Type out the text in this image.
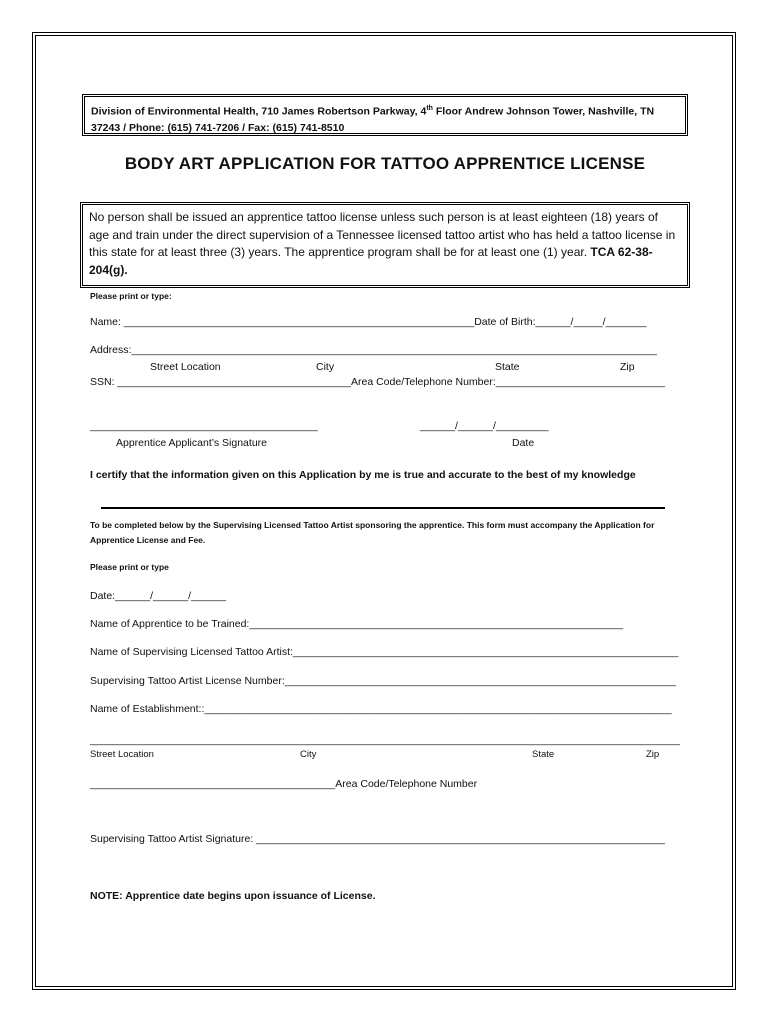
Division of Environmental Health, 710 James Robertson Parkway, 4th Floor Andrew Johnson Tower, Nashville, TN
37243 / Phone: (615) 741-7206 / Fax: (615) 741-8510
BODY ART APPLICATION FOR TATTOO APPRENTICE LICENSE
No person shall be issued an apprentice tattoo license unless such person is at least eighteen (18) years of age and train under the direct supervision of a Tennessee licensed tattoo artist who has held a tattoo license in this state for at least three (3) years. The apprentice program shall be for at least one (1) year. TCA 62-38-204(g).
Please print or type:
Name: ____________________________________________________________Date of Birth:______/_____/_______
Address:__________________________________________________________________________________________
Street Location	City	State	Zip
SSN: ________________________________________Area Code/Telephone Number:_____________________________
_______________________________________	______/______/_________
Apprentice Applicant’s Signature	Date
I certify that the information given on this Application by me is true and accurate to the best of my knowledge
To be completed below by the Supervising Licensed Tattoo Artist sponsoring the apprentice. This form must accompany the Application for Apprentice License and Fee.
Please print or type
Date:______/______/______
Name of Apprentice to be Trained:________________________________________________________________
Name of Supervising Licensed Tattoo Artist:__________________________________________________________________
Supervising Tattoo Artist License Number:___________________________________________________________________
Name of Establishment::________________________________________________________________________________
_____________________________________________________________________________________________________
Street Location	City	State	Zip
__________________________________________Area Code/Telephone Number
Supervising Tattoo Artist Signature: ______________________________________________________________________
NOTE: Apprentice date begins upon issuance of License.
